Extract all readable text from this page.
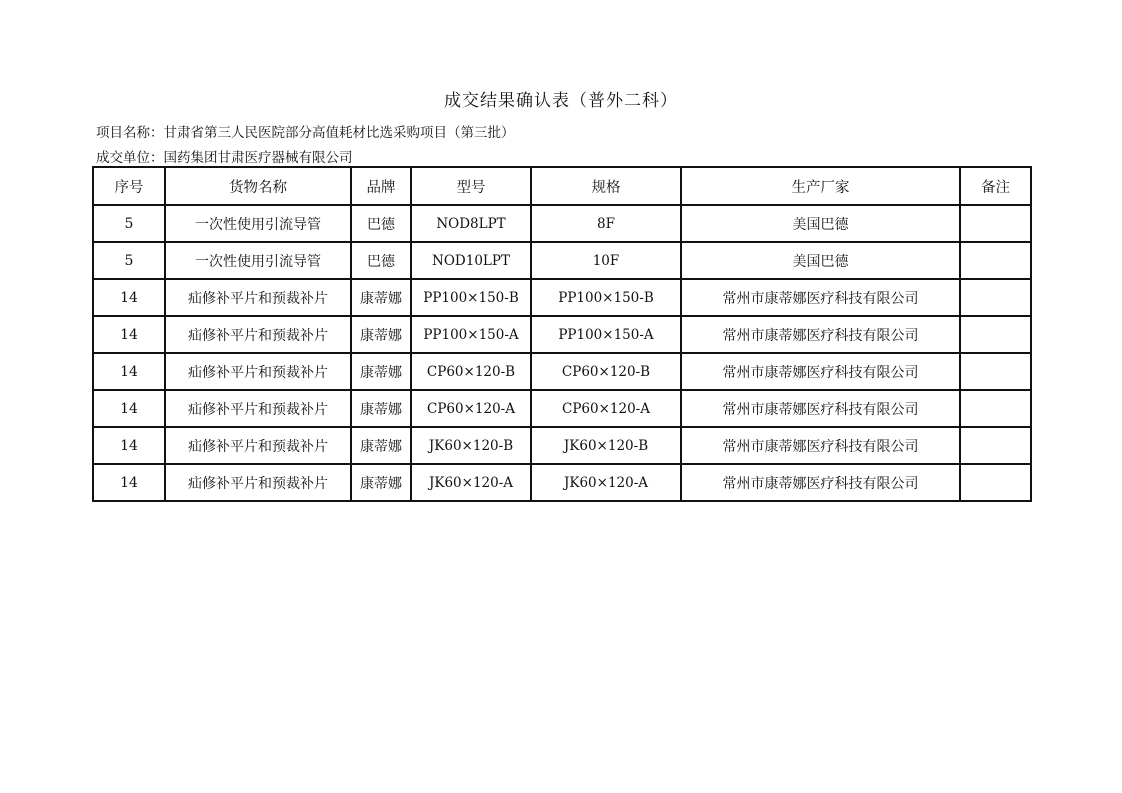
成交结果确认表（普外二科）
项目名称：甘肃省第三人民医院部分高值耗材比选采购项目（第三批）
成交单位：国药集团甘肃医疗器械有限公司
序号	货物名称	品牌	型号	规格	生产厂家	备注
5	一次性使用引流导管	巴德	NOD8LPT	8F	美国巴德	
5	一次性使用引流导管	巴德	NOD10LPT	10F	美国巴德	
14	疝修补平片和预裁补片	康蒂娜	PP100×150-B	PP100×150-B	常州市康蒂娜医疗科技有限公司	
14	疝修补平片和预裁补片	康蒂娜	PP100×150-A	PP100×150-A	常州市康蒂娜医疗科技有限公司	
14	疝修补平片和预裁补片	康蒂娜	CP60×120-B	CP60×120-B	常州市康蒂娜医疗科技有限公司	
14	疝修补平片和预裁补片	康蒂娜	CP60×120-A	CP60×120-A	常州市康蒂娜医疗科技有限公司	
14	疝修补平片和预裁补片	康蒂娜	JK60×120-B	JK60×120-B	常州市康蒂娜医疗科技有限公司	
14	疝修补平片和预裁补片	康蒂娜	JK60×120-A	JK60×120-A	常州市康蒂娜医疗科技有限公司	
